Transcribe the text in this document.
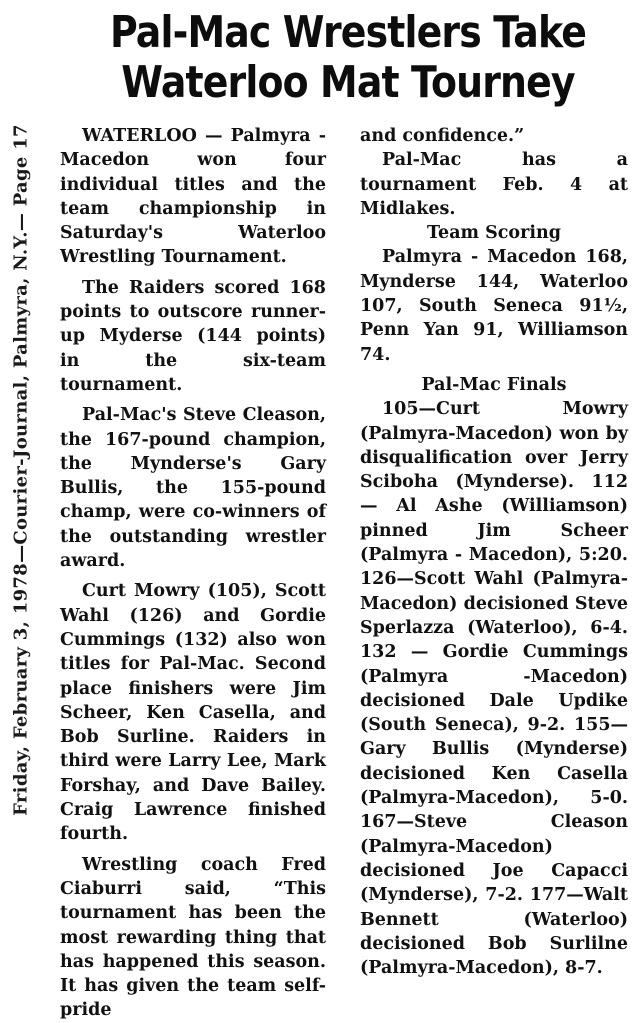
Friday, February 3, 1978—Courier-Journal, Palmyra, N.Y.— Page 17
Pal-Mac Wrestlers Take
Waterloo Mat Tourney

WATERLOO — Palmyra - Macedon won four individual titles and the team championship in Saturday's Waterloo Wrestling Tournament.

The Raiders scored 168 points to outscore runner-up Myderse (144 points) in the six-team tournament.

Pal-Mac's Steve Cleason, the 167-pound champion, the Mynderse's Gary Bullis, the 155-pound champ, were co-winners of the outstanding wrestler award.

Curt Mowry (105), Scott Wahl (126) and Gordie Cummings (132) also won titles for Pal-Mac. Second place finishers were Jim Scheer, Ken Casella, and Bob Surline. Raiders in third were Larry Lee, Mark Forshay, and Dave Bailey. Craig Lawrence finished fourth.

Wrestling coach Fred Ciaburri said, “This tournament has been the most rewarding thing that has happened this season. It has given the team self-pride

and confidence.”

Pal-Mac has a tournament Feb. 4 at Midlakes.

Team Scoring

Palmyra - Macedon 168, Mynderse 144, Waterloo 107, South Seneca 91½, Penn Yan 91, Williamson 74.

Pal-Mac Finals

105—Curt Mowry (Palmyra-Macedon) won by disqualification over Jerry Sciboha (Mynderse). 112 — Al Ashe (Williamson) pinned Jim Scheer (Palmyra - Macedon), 5:20. 126—Scott Wahl (Palmyra-Macedon) decisioned Steve Sperlazza (Waterloo), 6-4. 132 — Gordie Cummings (Palmyra -Macedon) decisioned Dale Updike (South Seneca), 9-2. 155—Gary Bullis (Mynderse) decisioned Ken Casella (Palmyra-Macedon), 5-0. 167—Steve Cleason (Palmyra-Macedon) decisioned Joe Capacci (Mynderse), 7-2. 177—Walt Bennett (Waterloo) decisioned Bob Surlilne (Palmyra-Macedon), 8-7.
